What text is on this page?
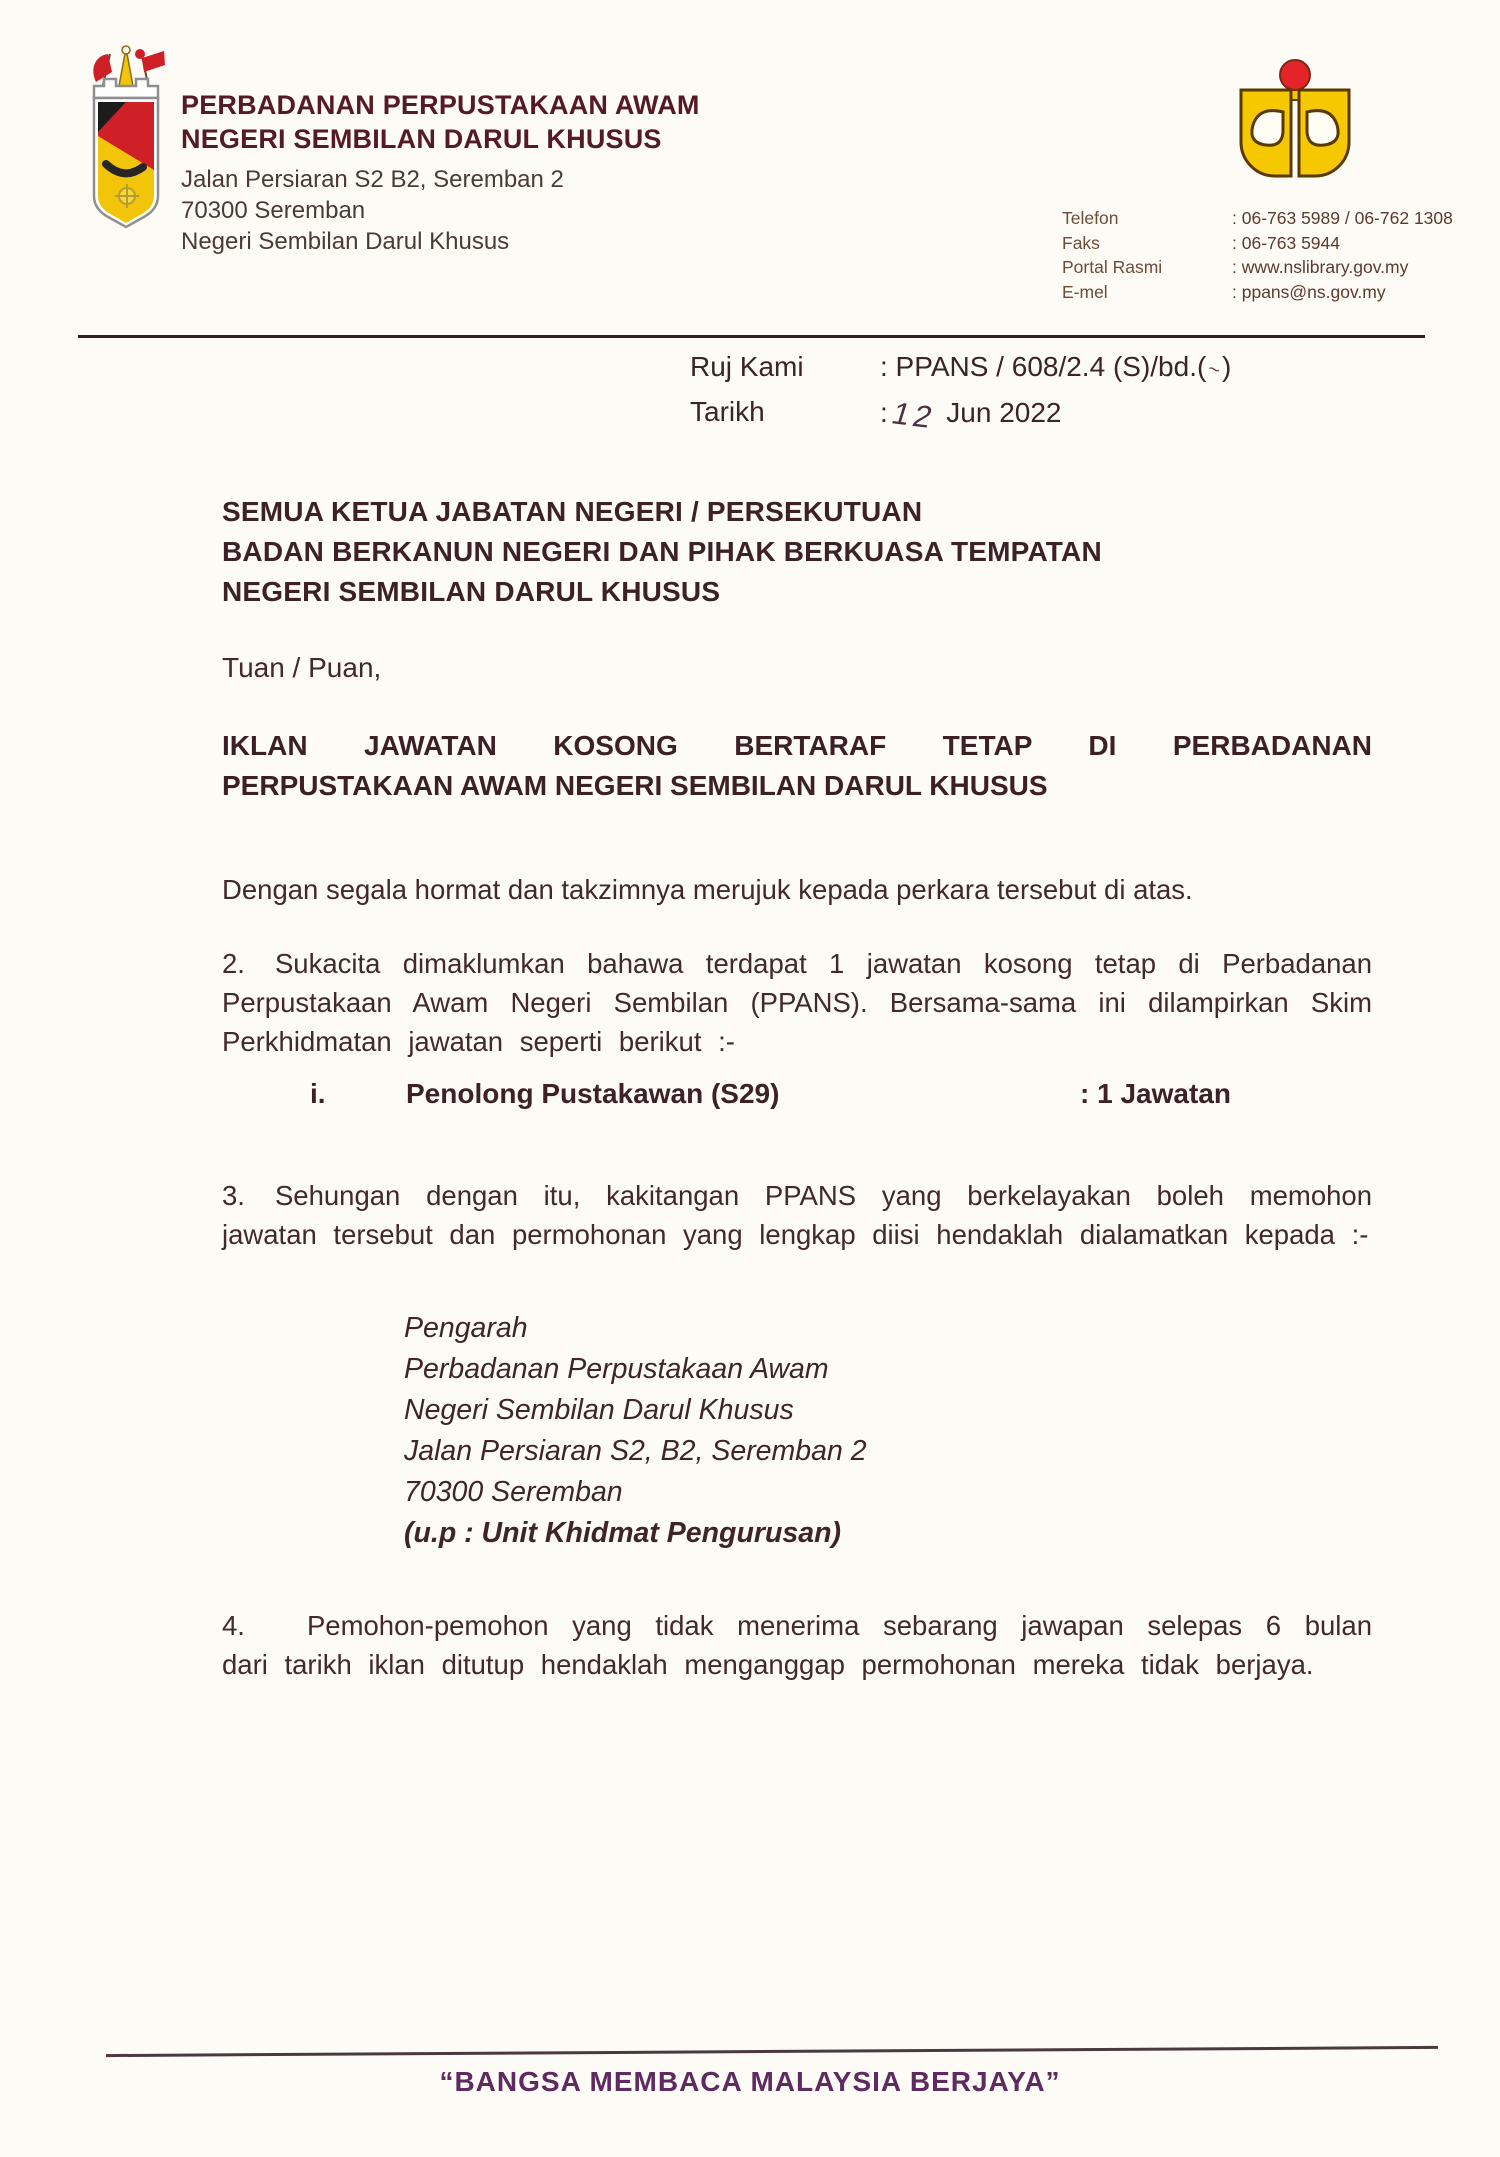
PERBADANAN PERPUSTAKAAN AWAM
NEGERI SEMBILAN DARUL KHUSUS
Jalan Persiaran S2 B2, Seremban 2
70300 Seremban
Negeri Sembilan Darul Khusus
Telefon	: 06-763 5989 / 06-762 1308
Faks	: 06-763 5944
Portal Rasmi	: www.nslibrary.gov.my
E-mel	: ppans@ns.gov.my
Ruj Kami	: PPANS / 608/2.4 (S)/bd.(~)
Tarikh	:12 Jun 2022
SEMUA KETUA JABATAN NEGERI / PERSEKUTUAN
BADAN BERKANUN NEGERI DAN PIHAK BERKUASA TEMPATAN
NEGERI SEMBILAN DARUL KHUSUS
Tuan / Puan,
IKLAN JAWATAN KOSONG BERTARAF TETAP DI PERBADANAN
PERPUSTAKAAN AWAM NEGERI SEMBILAN DARUL KHUSUS

Dengan segala hormat dan takzimnya merujuk kepada perkara tersebut di atas.

2. Sukacita dimaklumkan bahawa terdapat 1 jawatan kosong tetap di Perbadanan Perpustakaan Awam Negeri Sembilan (PPANS). Bersama-sama ini dilampirkan Skim Perkhidmatan jawatan seperti berikut :-

i.	Penolong Pustakawan (S29)	: 1 Jawatan

3. Sehungan dengan itu, kakitangan PPANS yang berkelayakan boleh memohon jawatan tersebut dan permohonan yang lengkap diisi hendaklah dialamatkan kepada :-

Pengarah
Perbadanan Perpustakaan Awam
Negeri Sembilan Darul Khusus
Jalan Persiaran S2, B2, Seremban 2
70300 Seremban
(u.p : Unit Khidmat Pengurusan)

4. Pemohon-pemohon yang tidak menerima sebarang jawapan selepas 6 bulan dari tarikh iklan ditutup hendaklah menganggap permohonan mereka tidak berjaya.

“BANGSA MEMBACA MALAYSIA BERJAYA”
